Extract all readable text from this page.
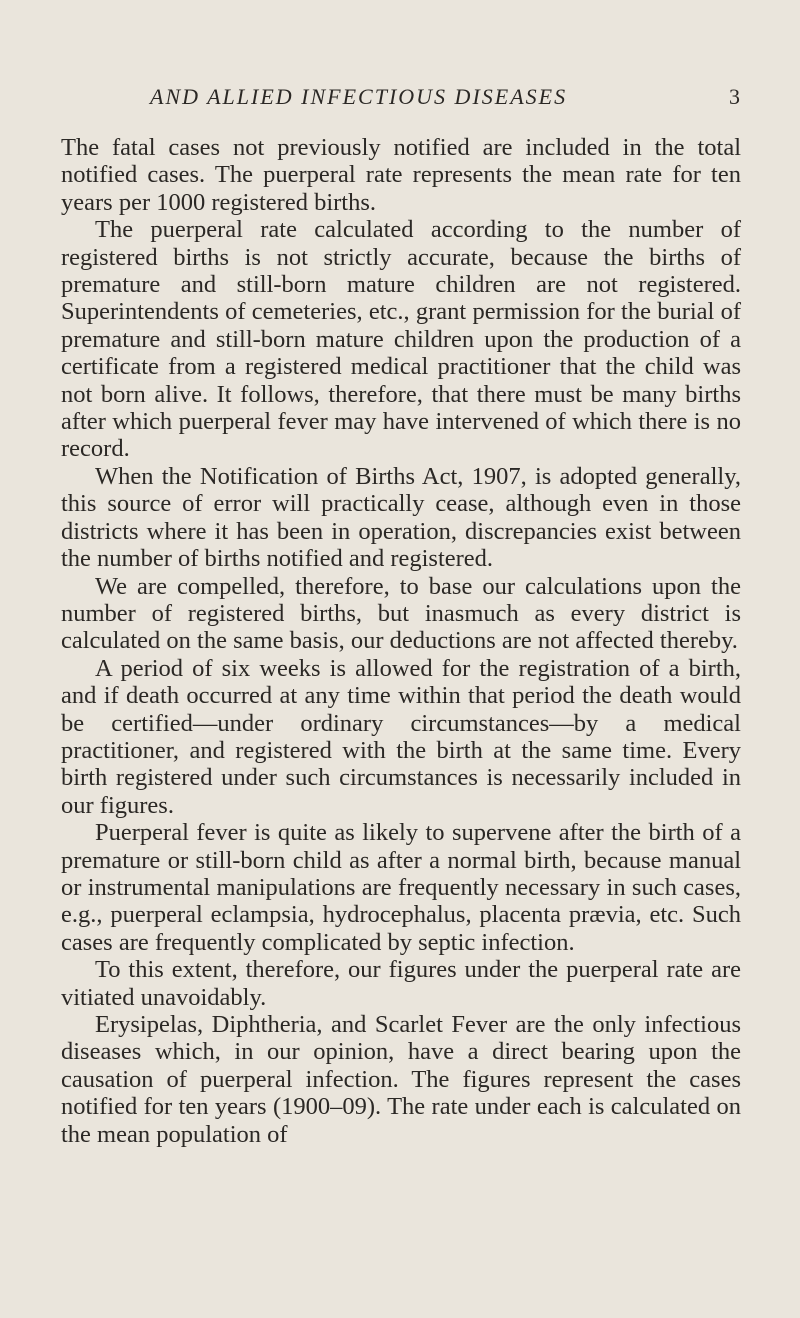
AND ALLIED INFECTIOUS DISEASES	3

The fatal cases not previously notified are included in the total notified cases. The puerperal rate represents the mean rate for ten years per 1000 registered births.

The puerperal rate calculated according to the number of registered births is not strictly accurate, because the births of premature and still-born mature children are not registered. Superintendents of cemeteries, etc., grant permission for the burial of premature and still-born mature children upon the production of a certificate from a registered medical practitioner that the child was not born alive. It follows, therefore, that there must be many births after which puerperal fever may have intervened of which there is no record.

When the Notification of Births Act, 1907, is adopted generally, this source of error will practically cease, although even in those districts where it has been in operation, discrepancies exist between the number of births notified and registered.

We are compelled, therefore, to base our calculations upon the number of registered births, but inasmuch as every district is calculated on the same basis, our deductions are not affected thereby.

A period of six weeks is allowed for the registration of a birth, and if death occurred at any time within that period the death would be certified—under ordinary circumstances—by a medical practitioner, and registered with the birth at the same time. Every birth registered under such circumstances is necessarily included in our figures.

Puerperal fever is quite as likely to supervene after the birth of a premature or still-born child as after a normal birth, because manual or instrumental manipulations are frequently necessary in such cases, e.g., puerperal eclampsia, hydrocephalus, placenta prævia, etc. Such cases are frequently complicated by septic infection.

To this extent, therefore, our figures under the puerperal rate are vitiated unavoidably.

Erysipelas, Diphtheria, and Scarlet Fever are the only infectious diseases which, in our opinion, have a direct bearing upon the causation of puerperal infection. The figures represent the cases notified for ten years (1900–09). The rate under each is calculated on the mean population of
